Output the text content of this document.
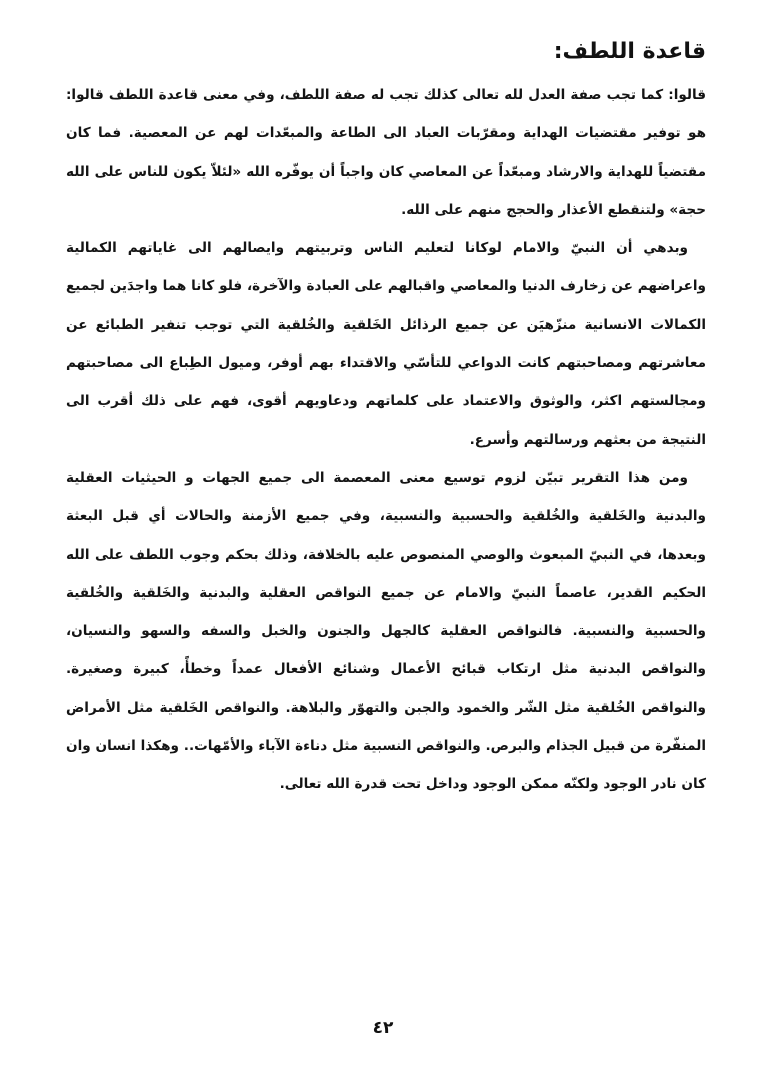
قاعدة اللطف:

قالوا: كما تجب صفة العدل لله تعالى كذلك تجب له صفة اللطف، وفي معنى قاعدة اللطف قالوا: هو توفير مقتضيات الهداية ومقرّبات العباد الى الطاعة والمبعّدات لهم عن المعصية. فما كان مقتضياً للهداية والارشاد ومبعّداً عن المعاصي كان واجباً أن يوفّره الله «لئلاّ يكون للناس على الله حجة» ولتنقطع الأعذار والحجج منهم على الله.

وبدهي أن النبيّ والامام لوكانا لتعليم الناس وتربيتهم وايصالهم الى غاياتهم الكمالية واعراضهم عن زخارف الدنيا والمعاصي واقبالهم على العبادة والآخرة، فلو كانا هما واجدَين لجميع الكمالات الانسانية منزّهيَن عن جميع الرذائل الخَلقية والخُلقية التي توجب تنفير الطبائع عن معاشرتهم ومصاحبتهم كانت الدواعي للتأسّي والاقتداء بهم أوفر، وميول الطِباع الى مصاحبتهم ومجالستهم اكثر، والوثوق والاعتماد على كلماتهم ودعاويهم أقوى، فهم على ذلك أقرب الى النتيجة من بعثهم ورسالتهم وأسرع.

ومن هذا التقرير تبيّن لزوم توسيع معنى المعصمة الى جميع الجهات و الحيثيات العقلية والبدنية والخَلقية والخُلقية والحسبية والنسبية، وفي جميع الأزمنة والحالات أي قبل البعثة وبعدها، في النبيّ المبعوث والوصي المنصوص عليه بالخلافة، وذلك بحكم وجوب اللطف على الله الحكيم القدير، عاصماً النبيّ والامام عن جميع النواقص العقلية والبدنية والخَلقية والخُلقية والحسبية والنسبية. فالنواقص العقلية كالجهل والجنون والخبل والسفه والسهو والنسيان، والنواقص البدنية مثل ارتكاب قبائح الأعمال وشنائع الأفعال عمداً وخطأً، كبيرة وصغيرة. والنواقص الخُلقية مثل الشّر والخمود والجبن والتهوّر والبلاهة. والنواقص الخَلقية مثل الأمراض المنفّرة من قبيل الجذام والبرص. والنواقص النسبية مثل دناءة الآباء والأمّهات.. وهكذا انسان وان كان نادر الوجود ولكنّه ممكن الوجود وداخل تحت قدرة الله تعالى.

٤٢
